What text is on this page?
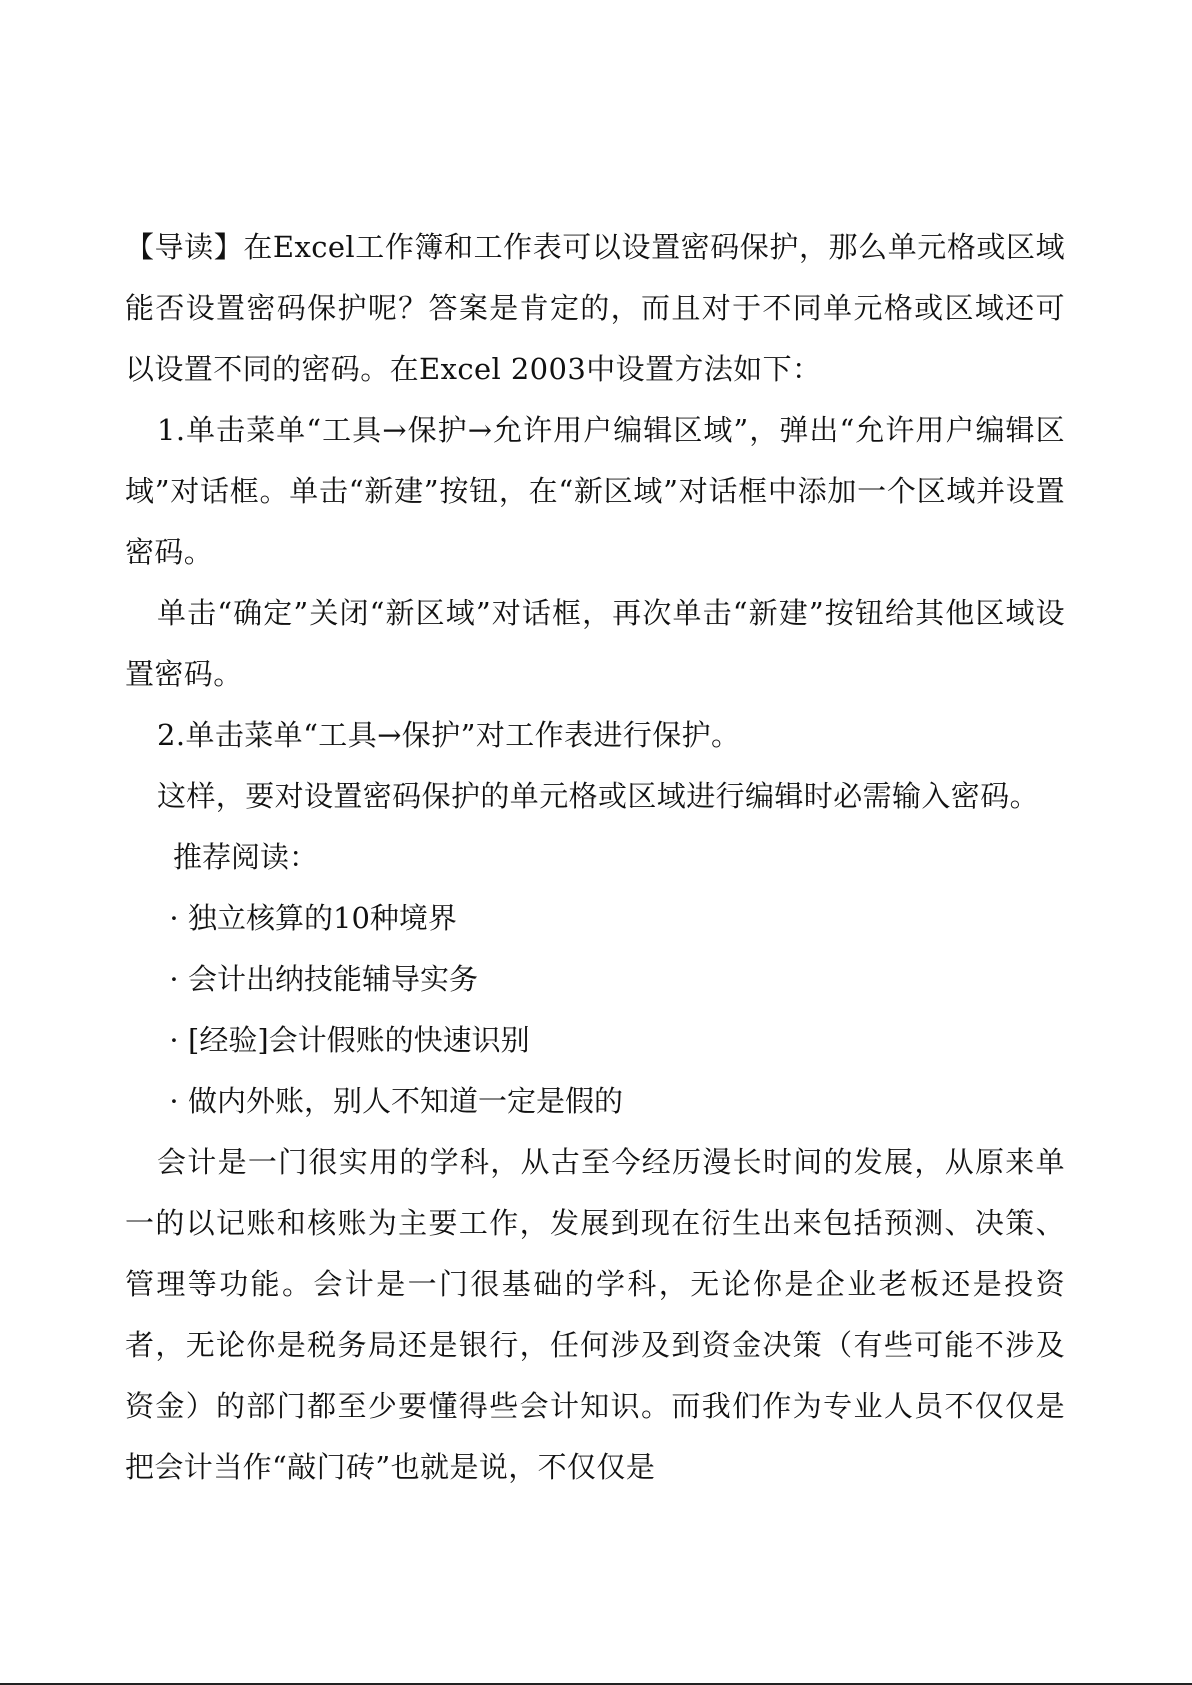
【导读】在Excel工作簿和工作表可以设置密码保护，那么单元格或区域能否设置密码保护呢？答案是肯定的，而且对于不同单元格或区域还可以设置不同的密码。在Excel 2003中设置方法如下：

1.单击菜单“工具→保护→允许用户编辑区域”，弹出“允许用户编辑区域”对话框。单击“新建”按钮，在“新区域”对话框中添加一个区域并设置密码。

单击“确定”关闭“新区域”对话框，再次单击“新建”按钮给其他区域设置密码。

2.单击菜单“工具→保护”对工作表进行保护。

这样，要对设置密码保护的单元格或区域进行编辑时必需输入密码。

推荐阅读：

· 独立核算的10种境界
· 会计出纳技能辅导实务
· [经验]会计假账的快速识别
· 做内外账，别人不知道一定是假的

会计是一门很实用的学科，从古至今经历漫长时间的发展，从原来单一的以记账和核账为主要工作，发展到现在衍生出来包括预测、决策、管理等功能。会计是一门很基础的学科，无论你是企业老板还是投资者，无论你是税务局还是银行，任何涉及到资金决策（有些可能不涉及资金）的部门都至少要懂得些会计知识。而我们作为专业人员不仅仅是把会计当作“敲门砖”也就是说，不仅仅是
